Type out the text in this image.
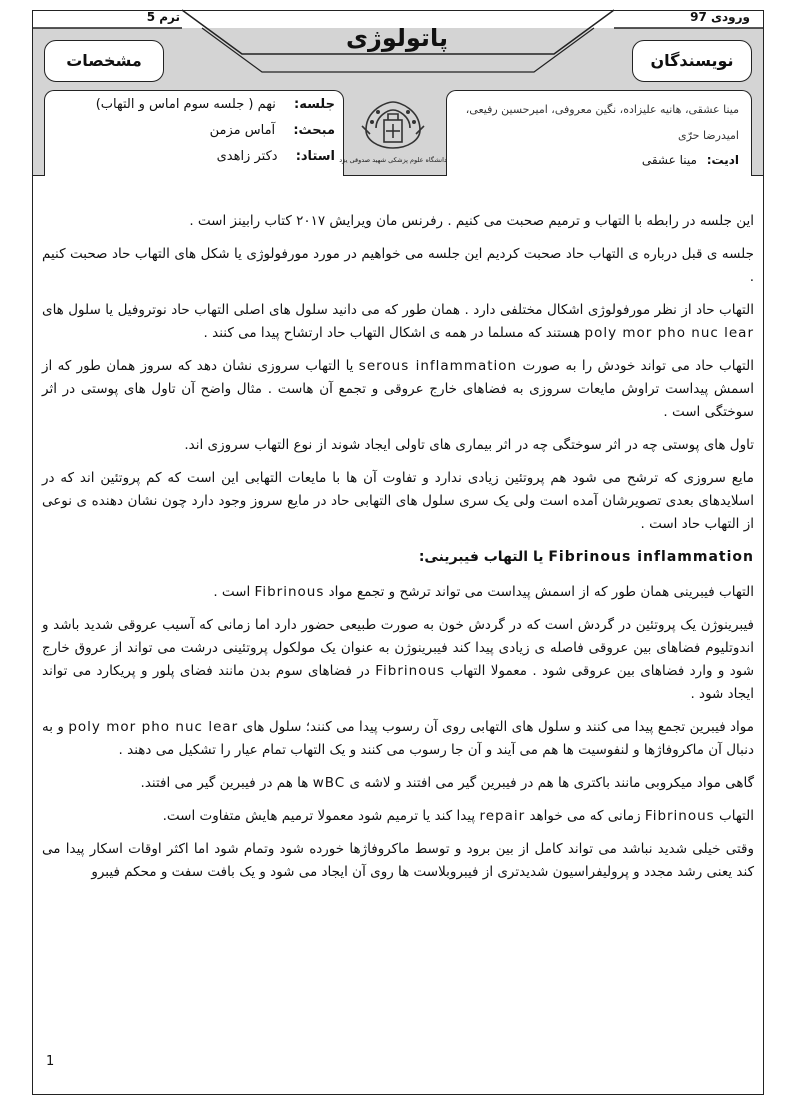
ترم 5	ورودی 97
پاتولوژی
مشخصات	نویسندگان
جلسه: نهم ( جلسه سوم اماس و التهاب)
مبحث: آماس مزمن
استاد: دکتر زاهدی
مینا عشقی، هانیه علیزاده، نگین معروفی، امیرحسین رفیعی،
امیدرضا حرّی
ادیت: مینا عشقی
دانشگاه علوم پزشکی شهید صدوقی یزد

این جلسه در رابطه با التهاب و ترمیم صحبت می کنیم . رفرنس مان ویرایش ۲۰۱۷ کتاب رابینز است .

جلسه ی قبل درباره ی التهاب حاد صحبت کردیم این جلسه می خواهیم در مورد مورفولوژی یا شکل های التهاب حاد صحبت کنیم .

التهاب حاد از نظر مورفولوژی اشکال مختلفی دارد . همان طور که می دانید سلول های اصلی التهاب حاد نوتروفیل یا سلول های poly mor pho nuc lear هستند که مسلما در همه ی اشکال التهاب حاد ارتشاح پیدا می کنند .

التهاب حاد می تواند خودش را به صورت serous inflammation یا التهاب سروزی نشان دهد که سروز همان طور که از اسمش پیداست تراوش مایعات سروزی به فضاهای خارج عروقی و تجمع آن هاست . مثال واضح آن تاول های پوستی در اثر سوختگی است .

تاول های پوستی چه در اثر سوختگی چه در اثر بیماری های تاولی ایجاد شوند از نوع التهاب سروزی اند.

مایع سروزی که ترشح می شود هم پروتئین زیادی ندارد و تفاوت آن ها با مایعات التهابی این است که کم پروتئین اند که در اسلایدهای بعدی تصویرشان آمده است ولی یک سری سلول های التهابی حاد در مایع سروز وجود دارد چون نشان دهنده ی نوعی از التهاب حاد است .

Fibrinous inflammation یا التهاب فیبرینی:

التهاب فیبرینی همان طور که از اسمش پیداست می تواند ترشح و تجمع مواد Fibrinous است .

فیبرینوژن یک پروتئین در گردش است که در گردش خون به صورت طبیعی حضور دارد اما زمانی که آسیب عروقی شدید باشد و اندوتلیوم فضاهای بین عروقی فاصله ی زیادی پیدا کند فیبرینوژن به عنوان یک مولکول پروتئینی درشت می تواند از عروق خارج شود و وارد فضاهای بین عروقی شود . معمولا التهاب Fibrinous در فضاهای سوم بدن مانند فضای پلور و پریکارد می تواند ایجاد شود .

مواد فیبرین تجمع پیدا می کنند و سلول های التهابی روی آن رسوب پیدا می کنند؛ سلول های poly mor pho nuc lear و به دنبال آن ماکروفاژها و لنفوسیت ها هم می آیند و آن جا رسوب می کنند و یک التهاب تمام عیار را تشکیل می دهند .

گاهی مواد میکروبی مانند باکتری ها هم در فیبرین گیر می افتند و لاشه ی wBC ها هم در فیبرین گیر می افتند.

التهاب Fibrinous زمانی که می خواهد repair پیدا کند یا ترمیم شود معمولا ترمیم هایش متفاوت است.

وقتی خیلی شدید نباشد می تواند کامل از بین برود و توسط ماکروفاژها خورده شود وتمام شود اما اکثر اوقات اسکار پیدا می کند یعنی رشد مجدد و پرولیفراسیون شدیدتری از فیبروبلاست ها روی آن ایجاد می شود و یک بافت سفت و محکم فیبرو

1
